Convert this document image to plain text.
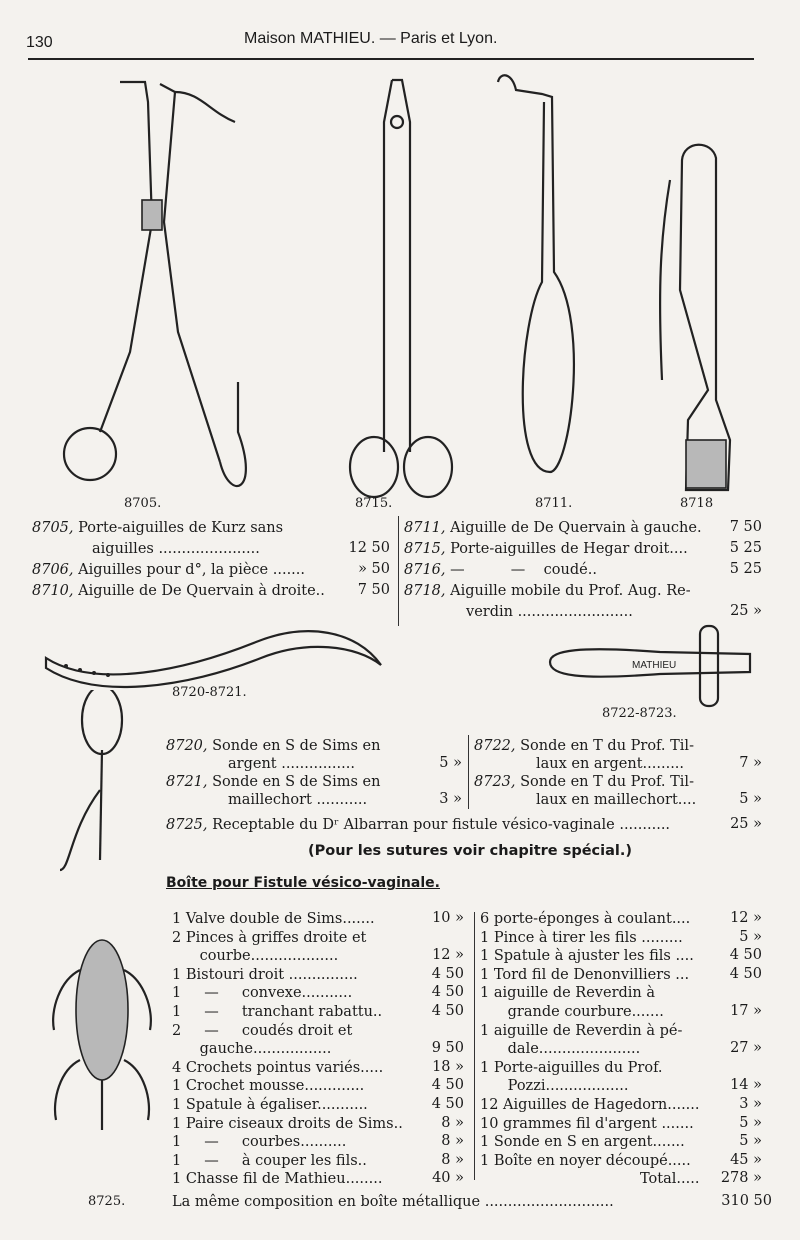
130	Maison MATHIEU. — Paris et Lyon.
8705.	8715.	8711.	8718
8705, Porte-aiguilles de Kurz sans
aiguilles ......................	12 50
8706, Aiguilles pour d°, la pièce .......	» 50
8710, Aiguille de De Quervain à droite.. 7 50
8711, Aiguille de De Quervain à gauche. 7 50
8715, Porte-aiguilles de Hegar droit....	5 25
8716, —          —    coudé..	5 25
8718, Aiguille mobile du Prof. Aug. Re-
verdin .........................	25 »
8720-8721.
MATHIEU
8722-8723.
8725.
8720, Sonde en S de Sims en
argent ................	5 »
8721, Sonde en S de Sims en
maillechort ...........	3 »
8722, Sonde en T du Prof. Til-
laux en argent.........	7 »
8723, Sonde en T du Prof. Til-
laux en maillechort....	5 »
8725, Receptable du Dʳ Albarran pour fistule vésico-vaginale ...........	25 »
(Pour les sutures voir chapitre spécial.)
Boîte pour Fistule vésico-vaginale.
1 Valve double de Sims.......	10 »
2 Pinces à griffes droite et
courbe...................	12 »
1 Bistouri droit ...............	4 50
1     —     convexe...........	4 50
1     —     tranchant rabattu..	4 50
2     —     coudés droit et
gauche.................	9 50
4 Crochets pointus variés.....	18 »
1 Crochet mousse.............	4 50
1 Spatule à égaliser...........	4 50
1 Paire ciseaux droits de Sims..	8 »
1     —     courbes..........	8 »
1     —     à couper les fils..	8 »
1 Chasse fil de Mathieu........	40 »
6 porte-éponges à coulant....	12 »
1 Pince à tirer les fils .........	5 »
1 Spatule à ajuster les fils .... 4 50
1 Tord fil de Denonvilliers ...	4 50
1 aiguille de Reverdin à
grande courbure.......	17 »
1 aiguille de Reverdin à pé-
dale......................	27 »
1 Porte-aiguilles du Prof.
Pozzi..................	14 »
12 Aiguilles de Hagedorn.......	3 »
10 grammes fil d'argent .......	5 »
1 Sonde en S en argent.......	5 »
1 Boîte en noyer découpé.....	45 »
Total..... 278 »
La même composition en boîte métallique ............................	310 50
